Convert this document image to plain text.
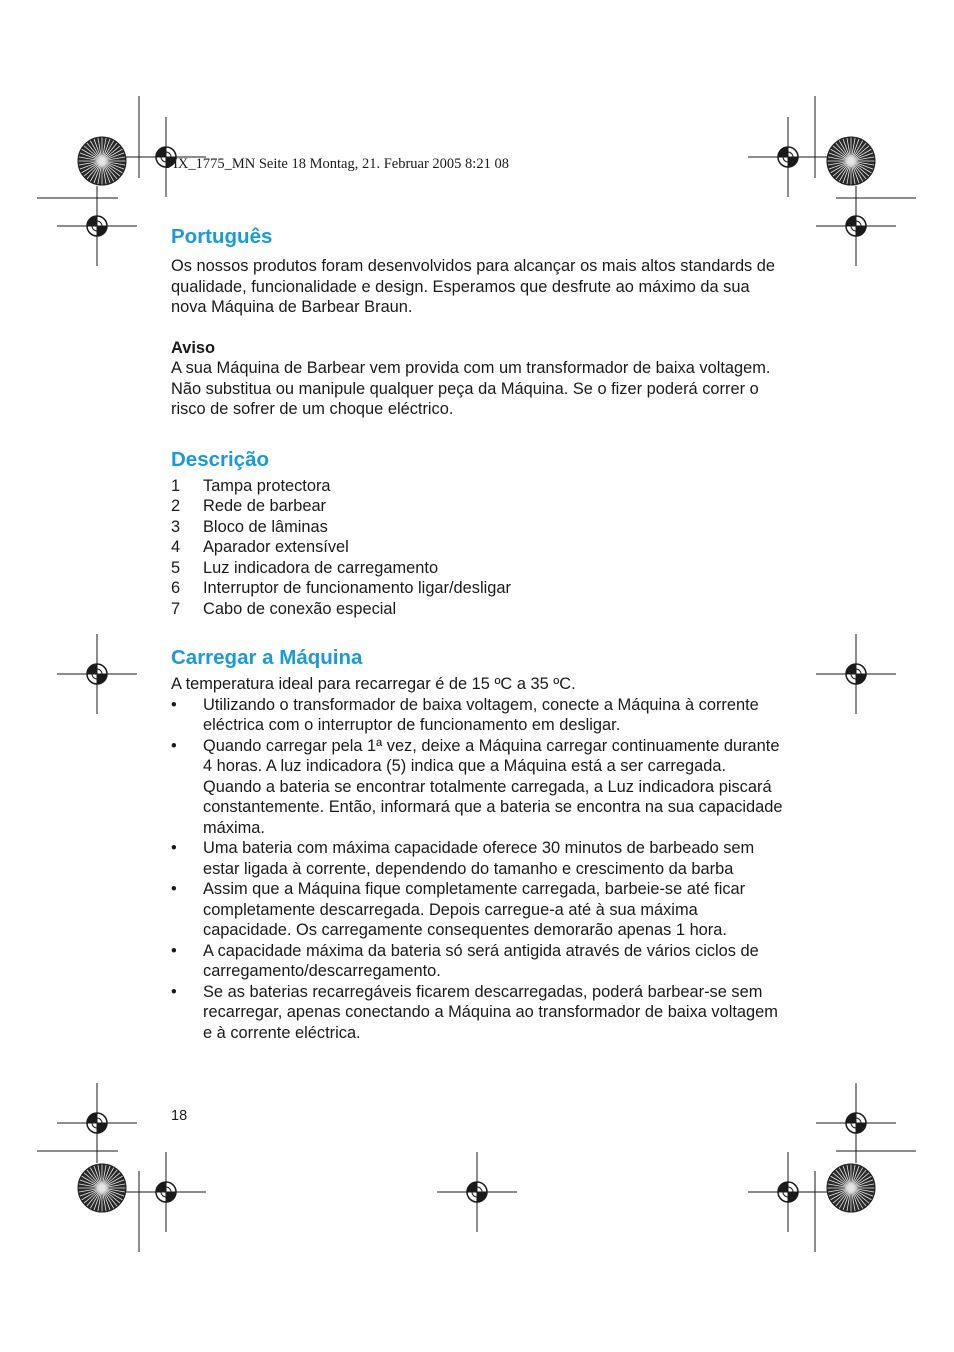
FIX_1775_MN Seite 18 Montag, 21. Februar 2005 8:21 08
Português

Os nossos produtos foram desenvolvidos para alcançar os mais altos standards de qualidade, funcionalidade e design. Esperamos que desfrute ao máximo da sua nova Máquina de Barbear Braun.

Aviso

A sua Máquina de Barbear vem provida com um transformador de baixa voltagem. Não substitua ou manipule qualquer peça da Máquina. Se o fizer poderá correr o risco de sofrer de um choque eléctrico.

Descrição
1	Tampa protectora
2	Rede de barbear
3	Bloco de lâminas
4	Aparador extensível
5	Luz indicadora de carregamento
6	Interruptor de funcionamento ligar/desligar
7	Cabo de conexão especial
Carregar a Máquina

A temperatura ideal para recarregar é de 15 ºC a 35 ºC.

•	Utilizando o transformador de baixa voltagem, conecte a Máquina à corrente eléctrica com o interruptor de funcionamento em desligar.
•	Quando carregar pela 1ª vez, deixe a Máquina carregar continuamente durante 4 horas. A luz indicadora (5) indica que a Máquina está a ser carregada. Quando a bateria se encontrar totalmente carregada, a Luz indicadora piscará constantemente. Então, informará que a bateria se encontra na sua capacidade máxima.
•	Uma bateria com máxima capacidade oferece 30 minutos de barbeado sem estar ligada à corrente, dependendo do tamanho e crescimento da barba
•	Assim que a Máquina fique completamente carregada, barbeie-se até ficar completamente descarregada. Depois carregue-a até à sua máxima capacidade. Os carregamente consequentes demorarão apenas 1 hora.
•	A capacidade máxima da bateria só será antigida através de vários ciclos de carregamento/descarregamento.
•	Se as baterias recarregáveis ficarem descarregadas, poderá barbear-se sem recarregar, apenas conectando a Máquina ao transformador de baixa voltagem e à corrente eléctrica.
18
